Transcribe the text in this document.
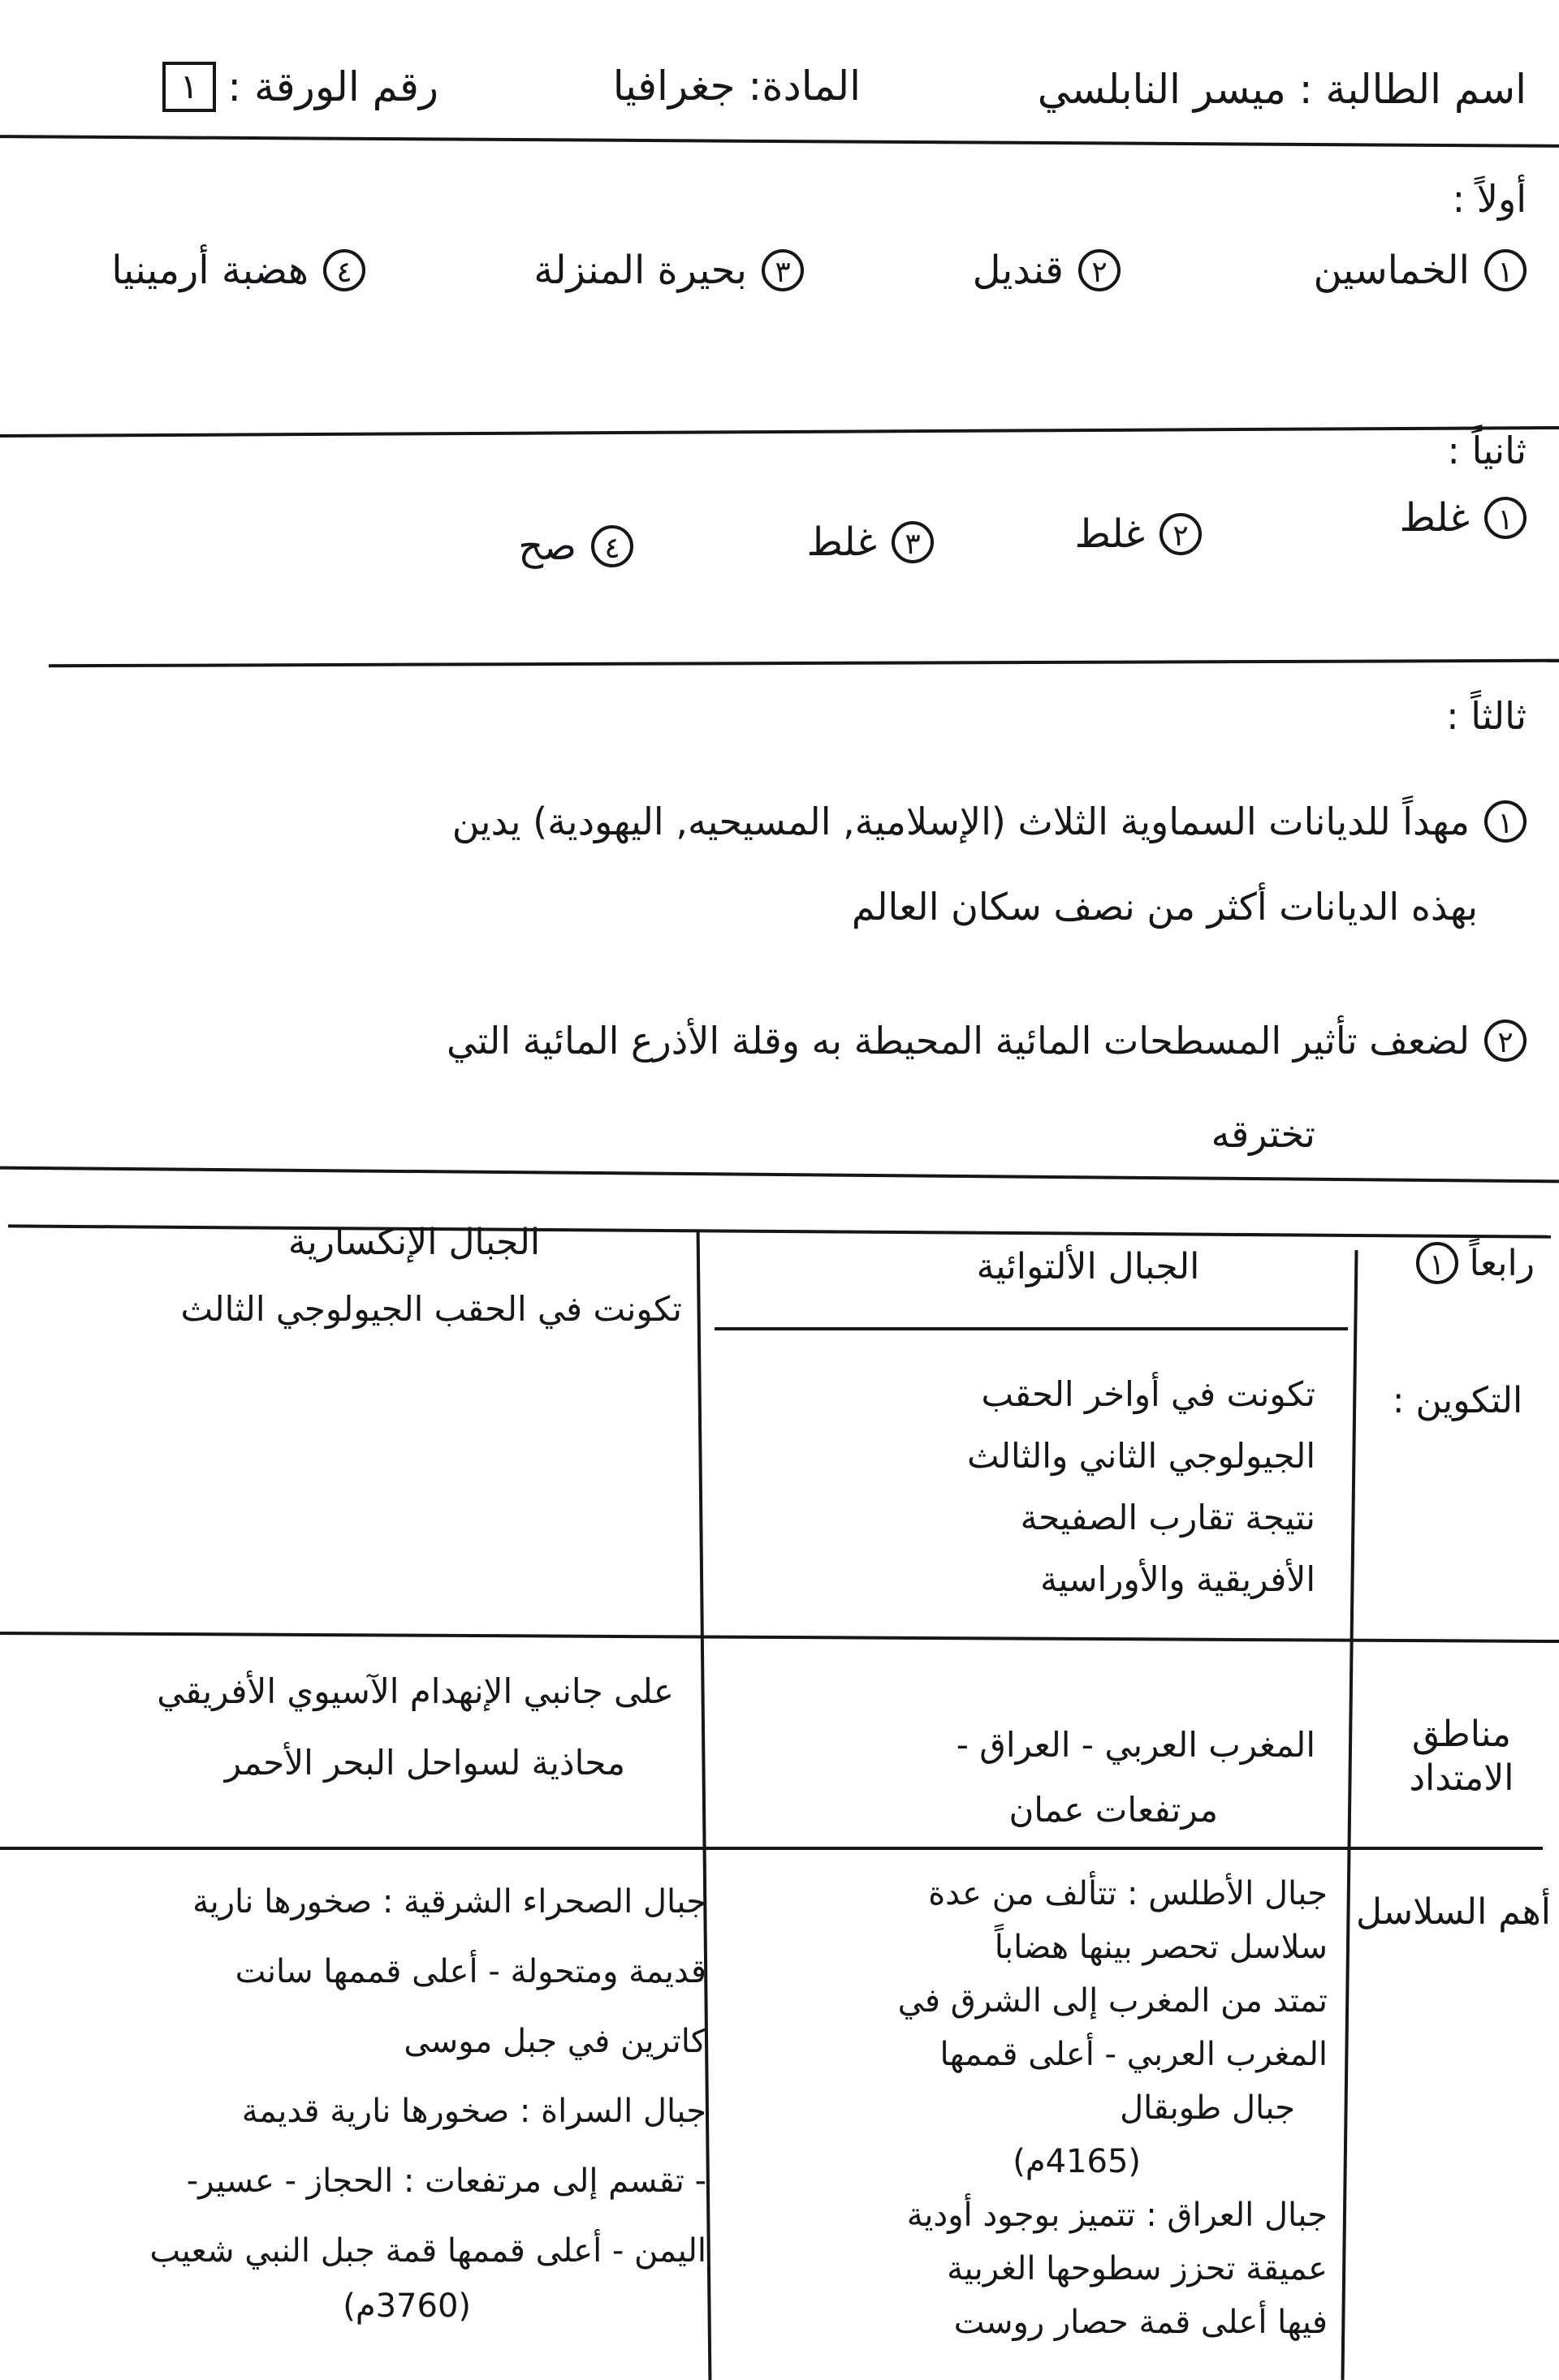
اسم الطالبة : ميسر النابلسي
المادة: جغرافيا
رقم الورقة :
١
أولاً :
١
الخماسين
٢
قنديل
٣
بحيرة المنزلة
٤
هضبة أرمينيا
ثانياً :
١
غلط
٢
غلط
٣
غلط
٤
صح
ثالثاً :
١
مهداً للديانات السماوية الثلاث (الإسلامية, المسيحيه, اليهودية) يدين
بهذه الديانات أكثر من نصف سكان العالم
٢
لضعف تأثير المسطحات المائية المحيطة به وقلة الأذرع المائية التي
تخترقه
رابعاً
١
الجبال الألتوائية
الجبال الإنكسارية
التكوين :
تكونت في أواخر الحقب
الجيولوجي الثاني والثالث
نتيجة تقارب الصفيحة
الأفريقية والأوراسية
تكونت في الحقب الجيولوجي الثالث
مناطق
الامتداد
المغرب العربي - العراق -
مرتفعات عمان
على جانبي الإنهدام الآسيوي الأفريقي
محاذية لسواحل البحر الأحمر
أهم السلاسل
جبال الأطلس : تتألف من عدة
سلاسل تحصر بينها هضاباً
تمتد من المغرب إلى الشرق في
المغرب العربي - أعلى قممها
جبال طوبقال
(4165م)
جبال العراق : تتميز بوجود أودية
عميقة تحزز سطوحها الغربية
فيها أعلى قمة حصار روست
جبال الصحراء الشرقية : صخورها نارية
قديمة ومتحولة - أعلى قممها سانت
كاترين في جبل موسى
جبال السراة : صخورها نارية قديمة
- تقسم إلى مرتفعات : الحجاز - عسير-
اليمن - أعلى قممها قمة جبل النبي شعيب
(3760م)
